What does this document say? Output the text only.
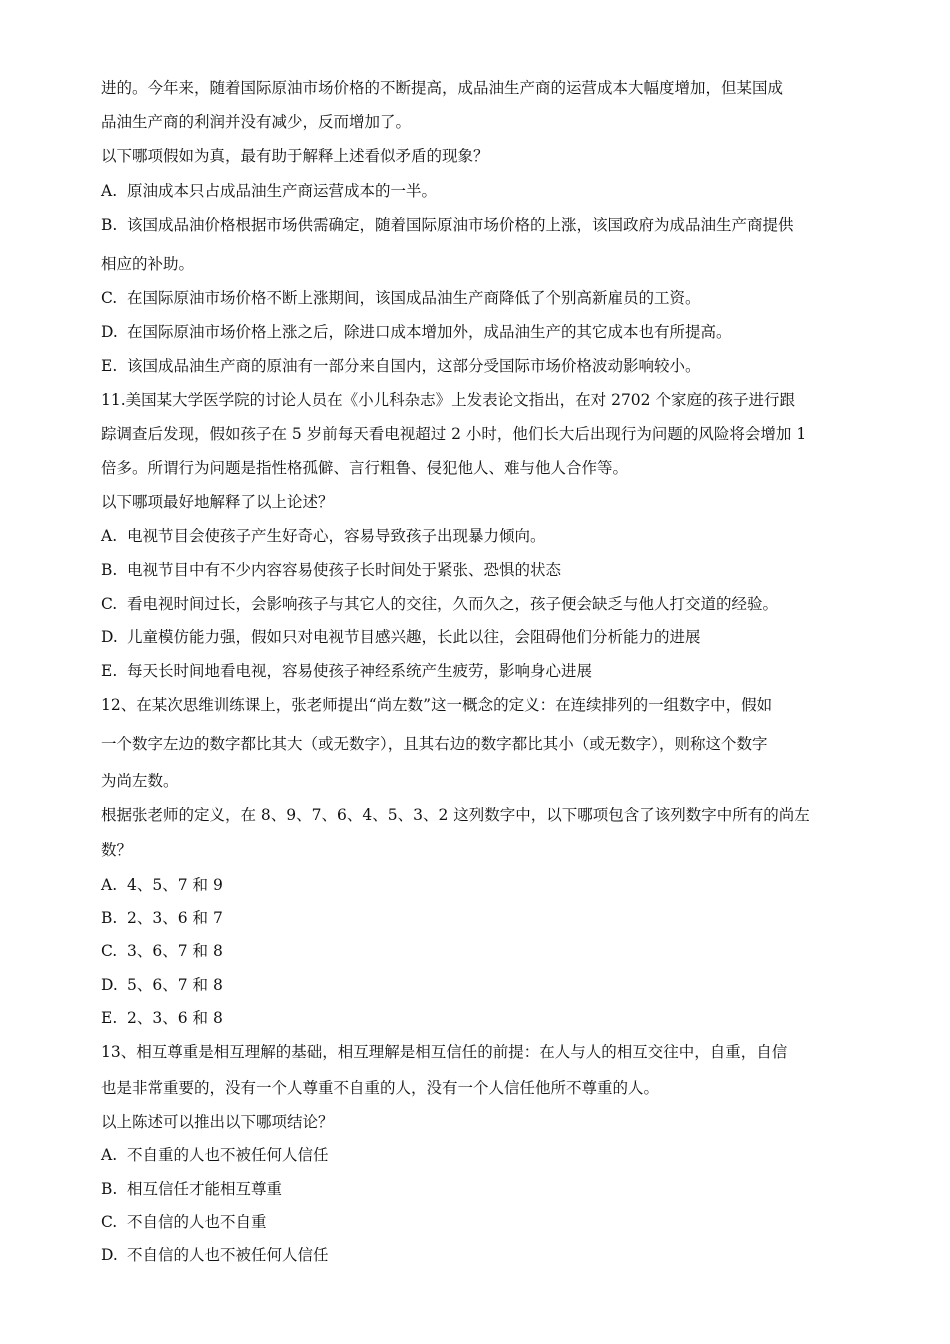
进的。今年来，随着国际原油市场价格的不断提高，成品油生产商的运营成本大幅度增加，但某国成
品油生产商的利润并没有减少，反而增加了。
以下哪项假如为真，最有助于解释上述看似矛盾的现象？
A. 原油成本只占成品油生产商运营成本的一半。
B. 该国成品油价格根据市场供需确定，随着国际原油市场价格的上涨，该国政府为成品油生产商提供
相应的补助。
C. 在国际原油市场价格不断上涨期间，该国成品油生产商降低了个别高新雇员的工资。
D. 在国际原油市场价格上涨之后，除进口成本增加外，成品油生产的其它成本也有所提高。
E. 该国成品油生产商的原油有一部分来自国内，这部分受国际市场价格波动影响较小。
11.美国某大学医学院的讨论人员在《小儿科杂志》上发表论文指出，在对 2702 个家庭的孩子进行跟
踪调查后发现，假如孩子在 5 岁前每天看电视超过 2 小时，他们长大后出现行为问题的风险将会增加 1
倍多。所谓行为问题是指性格孤僻、言行粗鲁、侵犯他人、难与他人合作等。
以下哪项最好地解释了以上论述？
A. 电视节目会使孩子产生好奇心，容易导致孩子出现暴力倾向。
B. 电视节目中有不少内容容易使孩子长时间处于紧张、恐惧的状态
C. 看电视时间过长，会影响孩子与其它人的交往，久而久之，孩子便会缺乏与他人打交道的经验。
D. 儿童模仿能力强，假如只对电视节目感兴趣，长此以往，会阻碍他们分析能力的进展
E. 每天长时间地看电视，容易使孩子神经系统产生疲劳，影响身心进展
12、在某次思维训练课上，张老师提出“尚左数”这一概念的定义：在连续排列的一组数字中，假如
一个数字左边的数字都比其大（或无数字），且其右边的数字都比其小（或无数字），则称这个数字
为尚左数。
根据张老师的定义，在 8、9、7、6、4、5、3、2 这列数字中，以下哪项包含了该列数字中所有的尚左
数？
A. 4、5、7 和 9
B. 2、3、6 和 7
C. 3、6、7 和 8
D. 5、6、7 和 8
E. 2、3、6 和 8
13、相互尊重是相互理解的基础，相互理解是相互信任的前提：在人与人的相互交往中，自重，自信
也是非常重要的，没有一个人尊重不自重的人，没有一个人信任他所不尊重的人。
以上陈述可以推出以下哪项结论？
A. 不自重的人也不被任何人信任
B. 相互信任才能相互尊重
C. 不自信的人也不自重
D. 不自信的人也不被任何人信任
